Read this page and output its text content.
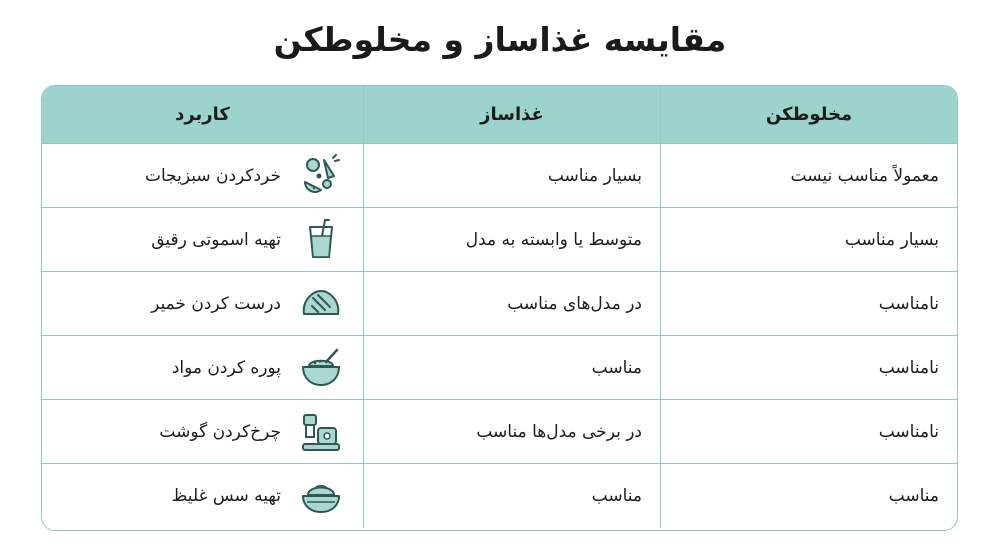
مقایسه غذاساز و مخلوطکن
مخلوطکن
غذاساز
کاربرد
معمولاً مناسب نیست
بسیار مناسب
خردکردن سبزیجات
بسیار مناسب
متوسط یا وابسته به مدل
تهیه اسموتی رقیق
نامناسب
در مدل‌های مناسب
درست کردن خمیر
نامناسب
مناسب
پوره کردن مواد
نامناسب
در برخی مدل‌ها مناسب
چرخ‌کردن گوشت
مناسب
مناسب
تهیه سس غلیظ
